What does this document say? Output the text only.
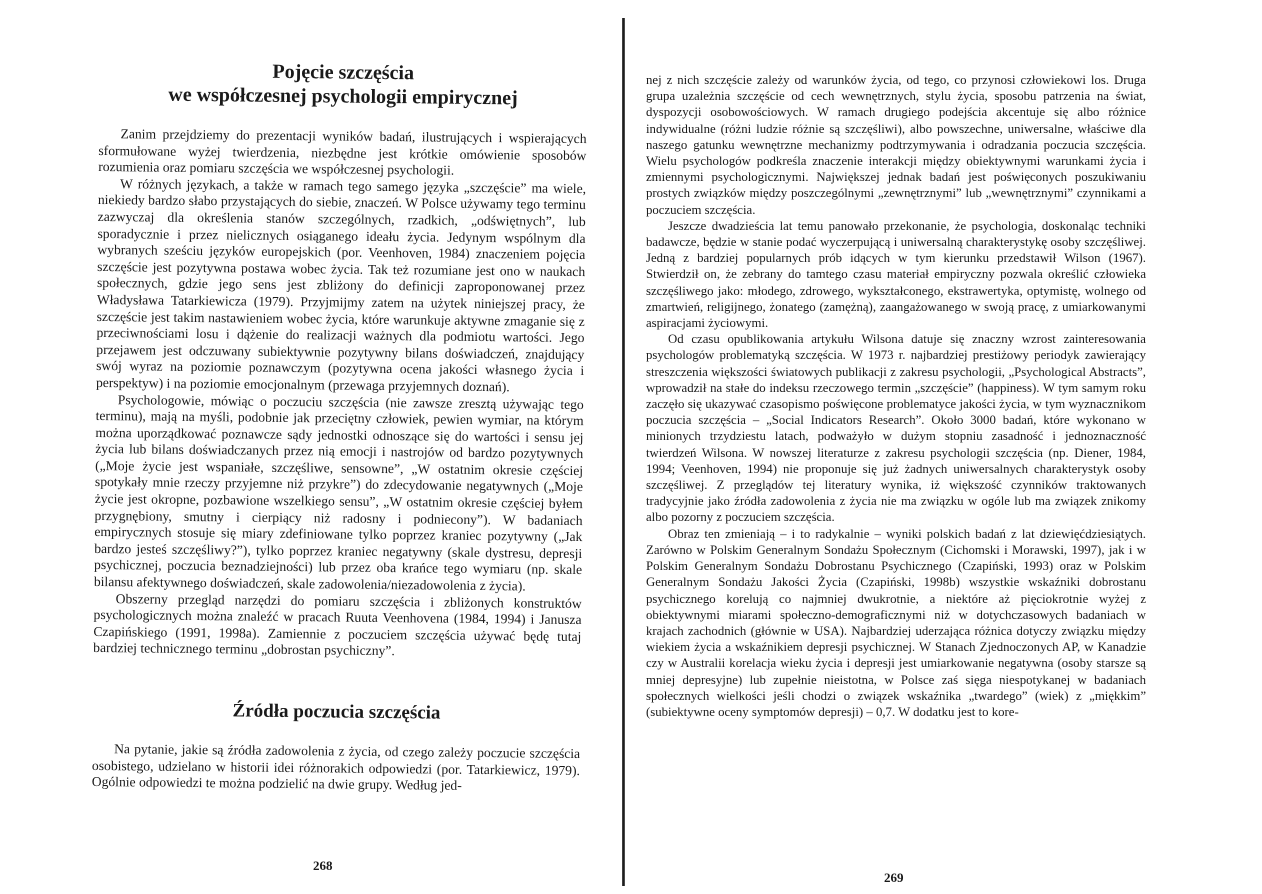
Pojęcie szczęścia
we współczesnej psychologii empirycznej

Zanim przejdziemy do prezentacji wyników badań, ilustrujących i wspierających sformułowane wyżej twierdzenia, niezbędne jest krótkie omówienie sposobów rozumienia oraz pomiaru szczęścia we współczesnej psychologii.

W różnych językach, a także w ramach tego samego języka „szczęście” ma wiele, niekiedy bardzo słabo przystających do siebie, znaczeń. W Polsce używamy tego terminu zazwyczaj dla określenia stanów szczególnych, rzadkich, „odświętnych”, lub sporadycznie i przez nielicznych osiąganego ideału życia. Jedynym wspólnym dla wybranych sześciu języków europejskich (por. Veenhoven, 1984) znaczeniem pojęcia szczęście jest pozytywna postawa wobec życia. Tak też rozumiane jest ono w naukach społecznych, gdzie jego sens jest zbliżony do definicji zaproponowanej przez Władysława Tatarkiewicza (1979). Przyjmijmy zatem na użytek niniejszej pracy, że szczęście jest takim nastawieniem wobec życia, które warunkuje aktywne zmaganie się z przeciwnościami losu i dążenie do realizacji ważnych dla podmiotu wartości. Jego przejawem jest odczuwany subiektywnie pozytywny bilans doświadczeń, znajdujący swój wyraz na poziomie poznawczym (pozytywna ocena jakości własnego życia i perspektyw) i na poziomie emocjonalnym (przewaga przyjemnych doznań).

Psychologowie, mówiąc o poczuciu szczęścia (nie zawsze zresztą używając tego terminu), mają na myśli, podobnie jak przeciętny człowiek, pewien wymiar, na którym można uporządkować poznawcze sądy jednostki odnoszące się do wartości i sensu jej życia lub bilans doświadczanych przez nią emocji i nastrojów od bardzo pozytywnych („Moje życie jest wspaniałe, szczęśliwe, sensowne”, „W ostatnim okresie częściej spotykały mnie rzeczy przyjemne niż przykre”) do zdecydowanie negatywnych („Moje życie jest okropne, pozbawione wszelkiego sensu”, „W ostatnim okresie częściej byłem przygnębiony, smutny i cierpiący niż radosny i podniecony”). W badaniach empirycznych stosuje się miary zdefiniowane tylko poprzez kraniec pozytywny („Jak bardzo jesteś szczęśliwy?”), tylko poprzez kraniec negatywny (skale dystresu, depresji psychicznej, poczucia beznadziejności) lub przez oba krańce tego wymiaru (np. skale bilansu afektywnego doświadczeń, skale zadowolenia/niezadowolenia z życia).

Obszerny przegląd narzędzi do pomiaru szczęścia i zbliżonych konstruktów psychologicznych można znaleźć w pracach Ruuta Veenhovena (1984, 1994) i Janusza Czapińskiego (1991, 1998a). Zamiennie z poczuciem szczęścia używać będę tutaj bardziej technicznego terminu „dobrostan psychiczny”.

Źródła poczucia szczęścia

Na pytanie, jakie są źródła zadowolenia z życia, od czego zależy poczucie szczęścia osobistego, udzielano w historii idei różnorakich odpowiedzi (por. Tatarkiewicz, 1979). Ogólnie odpowiedzi te można podzielić na dwie grupy. Według jed-

268

nej z nich szczęście zależy od warunków życia, od tego, co przynosi człowiekowi los. Druga grupa uzależnia szczęście od cech wewnętrznych, stylu życia, sposobu patrzenia na świat, dyspozycji osobowościowych. W ramach drugiego podejścia akcentuje się albo różnice indywidualne (różni ludzie różnie są szczęśliwi), albo powszechne, uniwersalne, właściwe dla naszego gatunku wewnętrzne mechanizmy podtrzymywania i odradzania poczucia szczęścia. Wielu psychologów podkreśla znaczenie interakcji między obiektywnymi warunkami życia i zmiennymi psychologicznymi. Największej jednak badań jest poświęconych poszukiwaniu prostych związków między poszczególnymi „zewnętrznymi” lub „wewnętrznymi” czynnikami a poczuciem szczęścia.

Jeszcze dwadzieścia lat temu panowało przekonanie, że psychologia, doskonaląc techniki badawcze, będzie w stanie podać wyczerpującą i uniwersalną charakterystykę osoby szczęśliwej. Jedną z bardziej popularnych prób idących w tym kierunku przedstawił Wilson (1967). Stwierdził on, że zebrany do tamtego czasu materiał empiryczny pozwala określić człowieka szczęśliwego jako: młodego, zdrowego, wykształconego, ekstrawertyka, optymistę, wolnego od zmartwień, religijnego, żonatego (zamężną), zaangażowanego w swoją pracę, z umiarkowanymi aspiracjami życiowymi.

Od czasu opublikowania artykułu Wilsona datuje się znaczny wzrost zainteresowania psychologów problematyką szczęścia. W 1973 r. najbardziej prestiżowy periodyk zawierający streszczenia większości światowych publikacji z zakresu psychologii, „Psychological Abstracts”, wprowadził na stałe do indeksu rzeczowego termin „szczęście” (happiness). W tym samym roku zaczęło się ukazywać czasopismo poświęcone problematyce jakości życia, w tym wyznacznikom poczucia szczęścia – „Social Indicators Research”. Około 3000 badań, które wykonano w minionych trzydziestu latach, podważyło w dużym stopniu zasadność i jednoznaczność twierdzeń Wilsona. W nowszej literaturze z zakresu psychologii szczęścia (np. Diener, 1984, 1994; Veenhoven, 1994) nie proponuje się już żadnych uniwersalnych charakterystyk osoby szczęśliwej. Z przeglądów tej literatury wynika, iż większość czynników traktowanych tradycyjnie jako źródła zadowolenia z życia nie ma związku w ogóle lub ma związek znikomy albo pozorny z poczuciem szczęścia.

Obraz ten zmieniają – i to radykalnie – wyniki polskich badań z lat dziewięćdziesiątych. Zarówno w Polskim Generalnym Sondażu Społecznym (Cichomski i Morawski, 1997), jak i w Polskim Generalnym Sondażu Dobrostanu Psychicznego (Czapiński, 1993) oraz w Polskim Generalnym Sondażu Jakości Życia (Czapiński, 1998b) wszystkie wskaźniki dobrostanu psychicznego korelują co najmniej dwukrotnie, a niektóre aż pięciokrotnie wyżej z obiektywnymi miarami społeczno-demograficznymi niż w dotychczasowych badaniach w krajach zachodnich (głównie w USA). Najbardziej uderzająca różnica dotyczy związku między wiekiem życia a wskaźnikiem depresji psychicznej. W Stanach Zjednoczonych AP, w Kanadzie czy w Australii korelacja wieku życia i depresji jest umiarkowanie negatywna (osoby starsze są mniej depresyjne) lub zupełnie nieistotna, w Polsce zaś sięga niespotykanej w badaniach społecznych wielkości jeśli chodzi o związek wskaźnika „twardego” (wiek) z „miękkim” (subiektywne oceny symptomów depresji) – 0,7. W dodatku jest to kore-

269
